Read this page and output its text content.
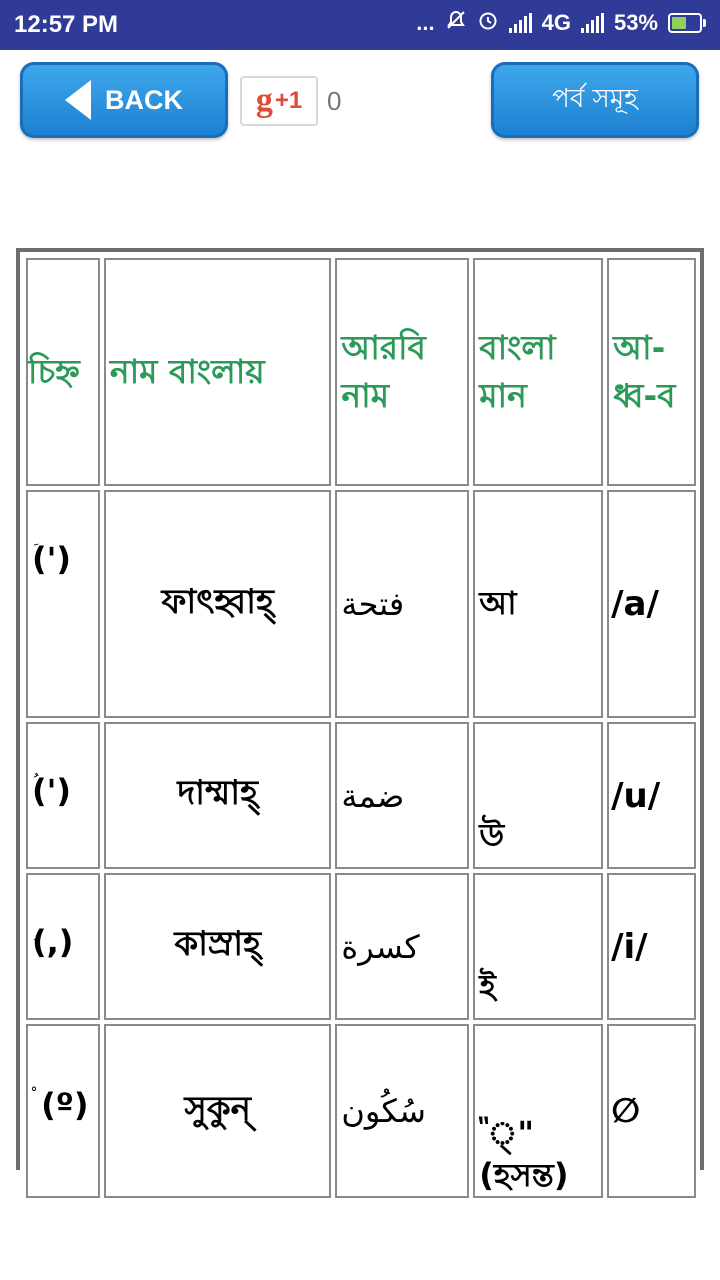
12:57 PM	...	4G 53%
BACK g +1 0	পর্ব সমূহ
চিহ্ন	নাম বাংলায়	আরবি নাম	বাংলা মান	আ-ধ্ব-ব
(')	ফাৎহ্বাহ্	فتحة	আ	/a/
(')	দাম্মাহ্	ضمة	উ	/u/
(,)	কাস্রাহ্	كسرة	ই	/i/
(º)	সুকুন্	سُكُون	"্" (হসন্ত)	∅
